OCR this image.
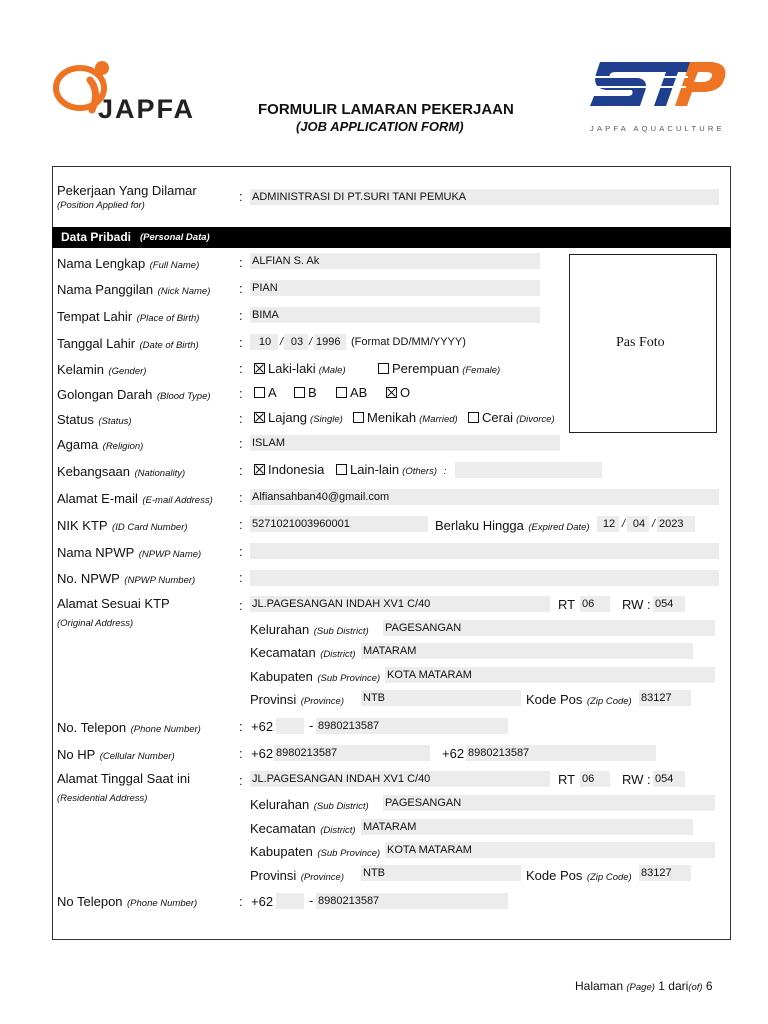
JAPFA	FORMULIR LAMARAN PEKERJAAN
(JOB APPLICATION FORM)	JAPFA AQUACULTURE
Pekerjaan Yang Dilamar
(Position Applied for)
: ADMINISTRASI DI PT.SURI TANI PEMUKA
Data Pribadi (Personal Data)
Pas Foto
Nama Lengkap (Full Name)	: ALFIAN S. Ak
Nama Panggilan (Nick Name) : PIAN
Tempat Lahir (Place of Birth)	: BIMA
Tanggal Lahir (Date of Birth)	:	10 / 03 / 1996 (Format DD/MM/YYYY)
Kelamin (Gender)	:	Laki-laki (Male)	Perempuan (Female)
Golongan Darah (Blood Type) :	A	B	AB	O
Status (Status)	:	Lajang (Single)	Menikah (Married)	Cerai (Divorce)
Agama (Religion)	: ISLAM
Kebangsaan (Nationality)	:	Indonesia	Lain-lain (Others) :
Alamat E-mail (E-mail Address) : Alfiansahban40@gmail.com
NIK KTP (ID Card Number)	: 5271021003960001	Berlaku Hingga (Expired Date)	12 / 04 / 2023
Nama NPWP (NPWP Name)	:
No. NPWP (NPWP Number)	:
Alamat Sesuai KTP
(Original Address)
: JL.PAGESANGAN INDAH XV1 C/40	RT 06	RW : 054
Kelurahan (Sub District) PAGESANGAN
Kecamatan (District) MATARAM
Kabupaten (Sub Province) KOTA MATARAM
Provinsi (Province) NTB	Kode Pos (Zip Code) 83127
No. Telepon (Phone Number)	: +62	- 8980213587
No HP (Cellular Number)	: +62 8980213587	+62 8980213587
Alamat Tinggal Saat ini
(Residential Address)
: JL.PAGESANGAN INDAH XV1 C/40	RT 06	RW : 054
Kelurahan (Sub District) PAGESANGAN
Kecamatan (District) MATARAM
Kabupaten (Sub Province) KOTA MATARAM
Provinsi (Province) NTB	Kode Pos (Zip Code) 83127
No Telepon (Phone Number)	: +62	- 8980213587
Halaman (Page) 1 dari(of) 6
